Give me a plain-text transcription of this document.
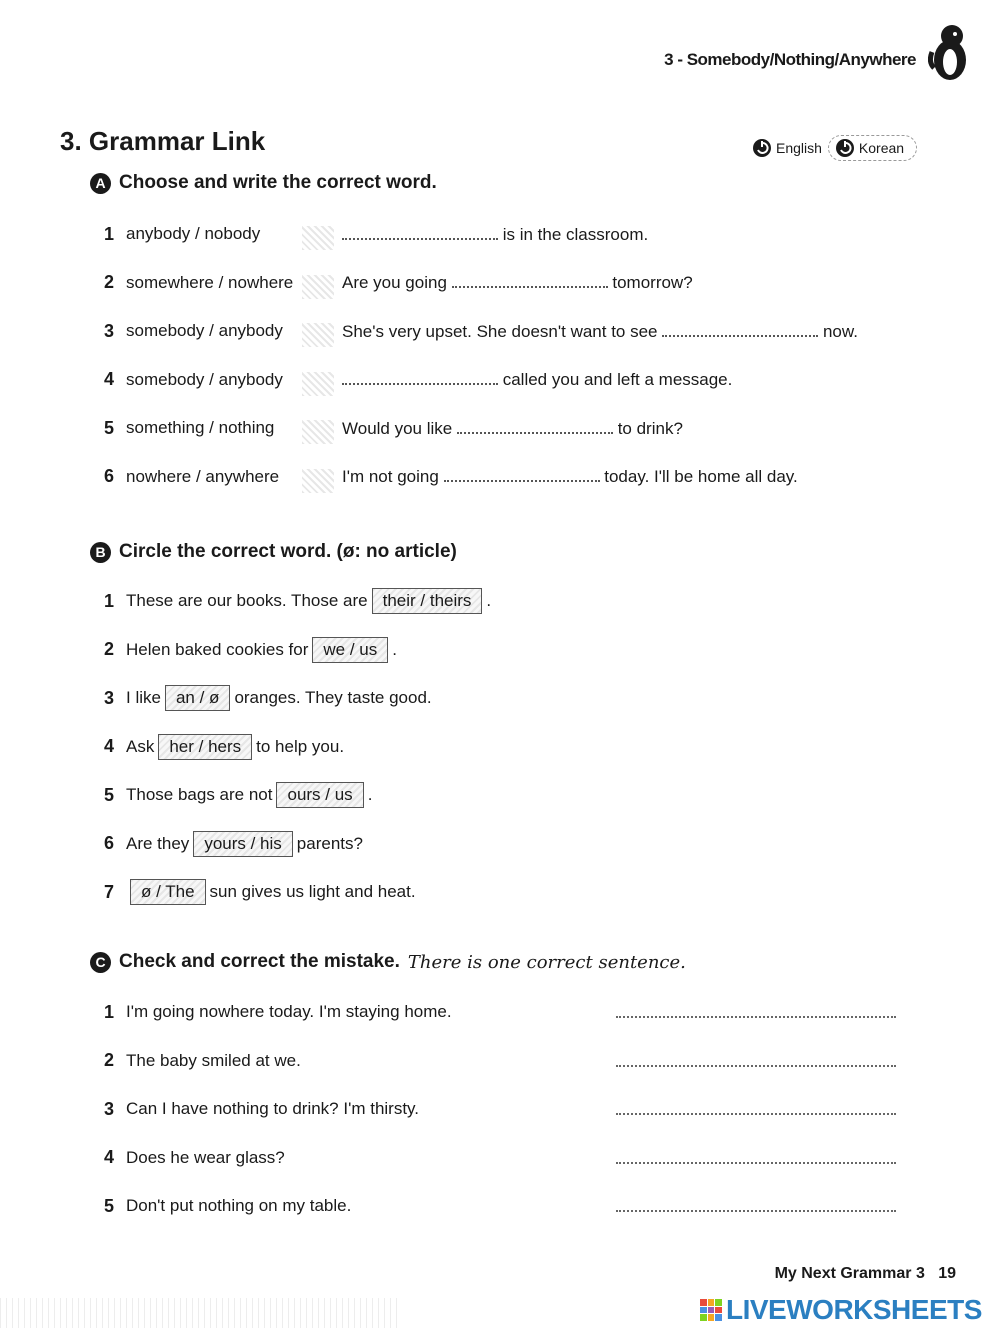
3 - Somebody/Nothing/Anywhere
3. Grammar Link	English	Korean
A Choose and write the correct word.
1 anybody / nobody	is in the classroom.
2 somewhere / nowhere	Are you going	tomorrow?
3 somebody / anybody	She's very upset. She doesn't want to see	now.
4 somebody / anybody	called you and left a message.
5 something / nothing	Would you like	to drink?
6 nowhere / anywhere	I'm not going	today. I'll be home all day.
B Circle the correct word. (ø: no article)
1 These are our books. Those are their / theirs .
2 Helen baked cookies for we / us .
3 I like an / ø oranges. They taste good.
4 Ask her / hers to help you.
5 Those bags are not ours / us .
6 Are they yours / his parents?
7	ø / The sun gives us light and heat.
C Check and correct the mistake. There is one correct sentence.
1 I'm going nowhere today. I'm staying home.
2 The baby smiled at we.
3 Can I have nothing to drink? I'm thirsty.
4 Does he wear glass?
5 Don't put nothing on my table.
My Next Grammar 3 19
LIVEWORKSHEETS
